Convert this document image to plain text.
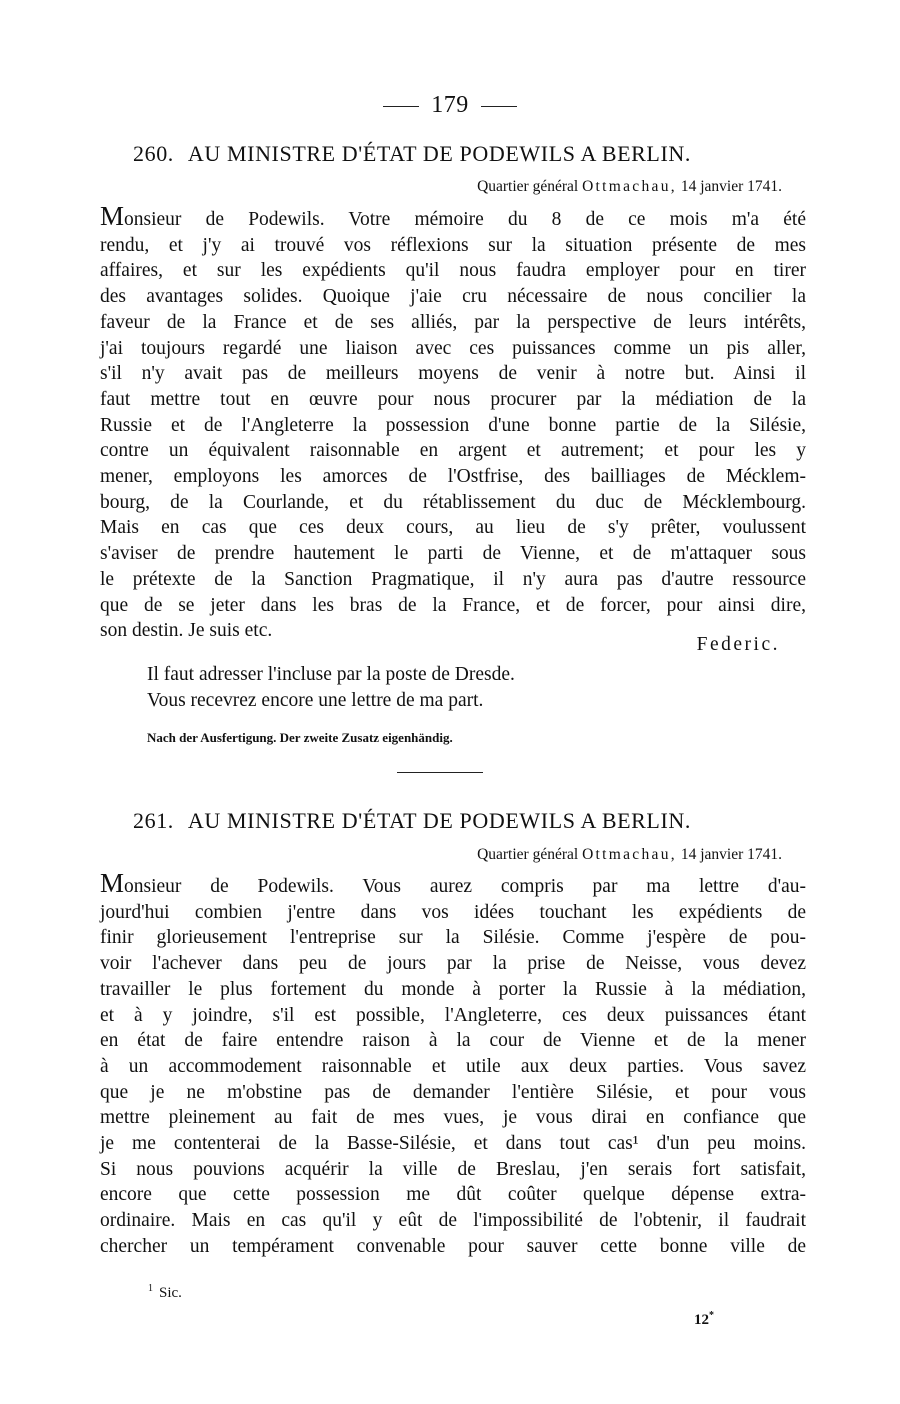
179
260. AU MINISTRE D'ÉTAT DE PODEWILS A BERLIN.
Quartier général Ottmachau, 14 janvier 1741.
Monsieur de Podewils. Votre mémoire du 8 de ce mois m'a été
rendu, et j'y ai trouvé vos réflexions sur la situation présente de mes
affaires, et sur les expédients qu'il nous faudra employer pour en tirer
des avantages solides. Quoique j'aie cru nécessaire de nous concilier la
faveur de la France et de ses alliés, par la perspective de leurs intérêts,
j'ai toujours regardé une liaison avec ces puissances comme un pis aller,
s'il n'y avait pas de meilleurs moyens de venir à notre but. Ainsi il
faut mettre tout en œuvre pour nous procurer par la médiation de la
Russie et de l'Angleterre la possession d'une bonne partie de la Silésie,
contre un équivalent raisonnable en argent et autrement; et pour les y
mener, employons les amorces de l'Ostfrise, des bailliages de Mécklem-
bourg, de la Courlande, et du rétablissement du duc de Mécklembourg.
Mais en cas que ces deux cours, au lieu de s'y prêter, voulussent
s'aviser de prendre hautement le parti de Vienne, et de m'attaquer sous
le prétexte de la Sanction Pragmatique, il n'y aura pas d'autre ressource
que de se jeter dans les bras de la France, et de forcer, pour ainsi dire,
son destin. Je suis etc.
Federic.
Il faut adresser l'incluse par la poste de Dresde.
Vous recevrez encore une lettre de ma part.
Nach der Ausfertigung. Der zweite Zusatz eigenhändig.
261. AU MINISTRE D'ÉTAT DE PODEWILS A BERLIN.
Quartier général Ottmachau, 14 janvier 1741.
Monsieur de Podewils. Vous aurez compris par ma lettre d'au-
jourd'hui combien j'entre dans vos idées touchant les expédients de
finir glorieusement l'entreprise sur la Silésie. Comme j'espère de pou-
voir l'achever dans peu de jours par la prise de Neisse, vous devez
travailler le plus fortement du monde à porter la Russie à la médiation,
et à y joindre, s'il est possible, l'Angleterre, ces deux puissances étant
en état de faire entendre raison à la cour de Vienne et de la mener
à un accommodement raisonnable et utile aux deux parties. Vous savez
que je ne m'obstine pas de demander l'entière Silésie, et pour vous
mettre pleinement au fait de mes vues, je vous dirai en confiance que
je me contenterai de la Basse-Silésie, et dans tout cas¹ d'un peu moins.
Si nous pouvions acquérir la ville de Breslau, j'en serais fort satisfait,
encore que cette possession me dût coûter quelque dépense extra-
ordinaire. Mais en cas qu'il y eût de l'impossibilité de l'obtenir, il faudrait
chercher un tempérament convenable pour sauver cette bonne ville de
$^1$ Sic.
12*
